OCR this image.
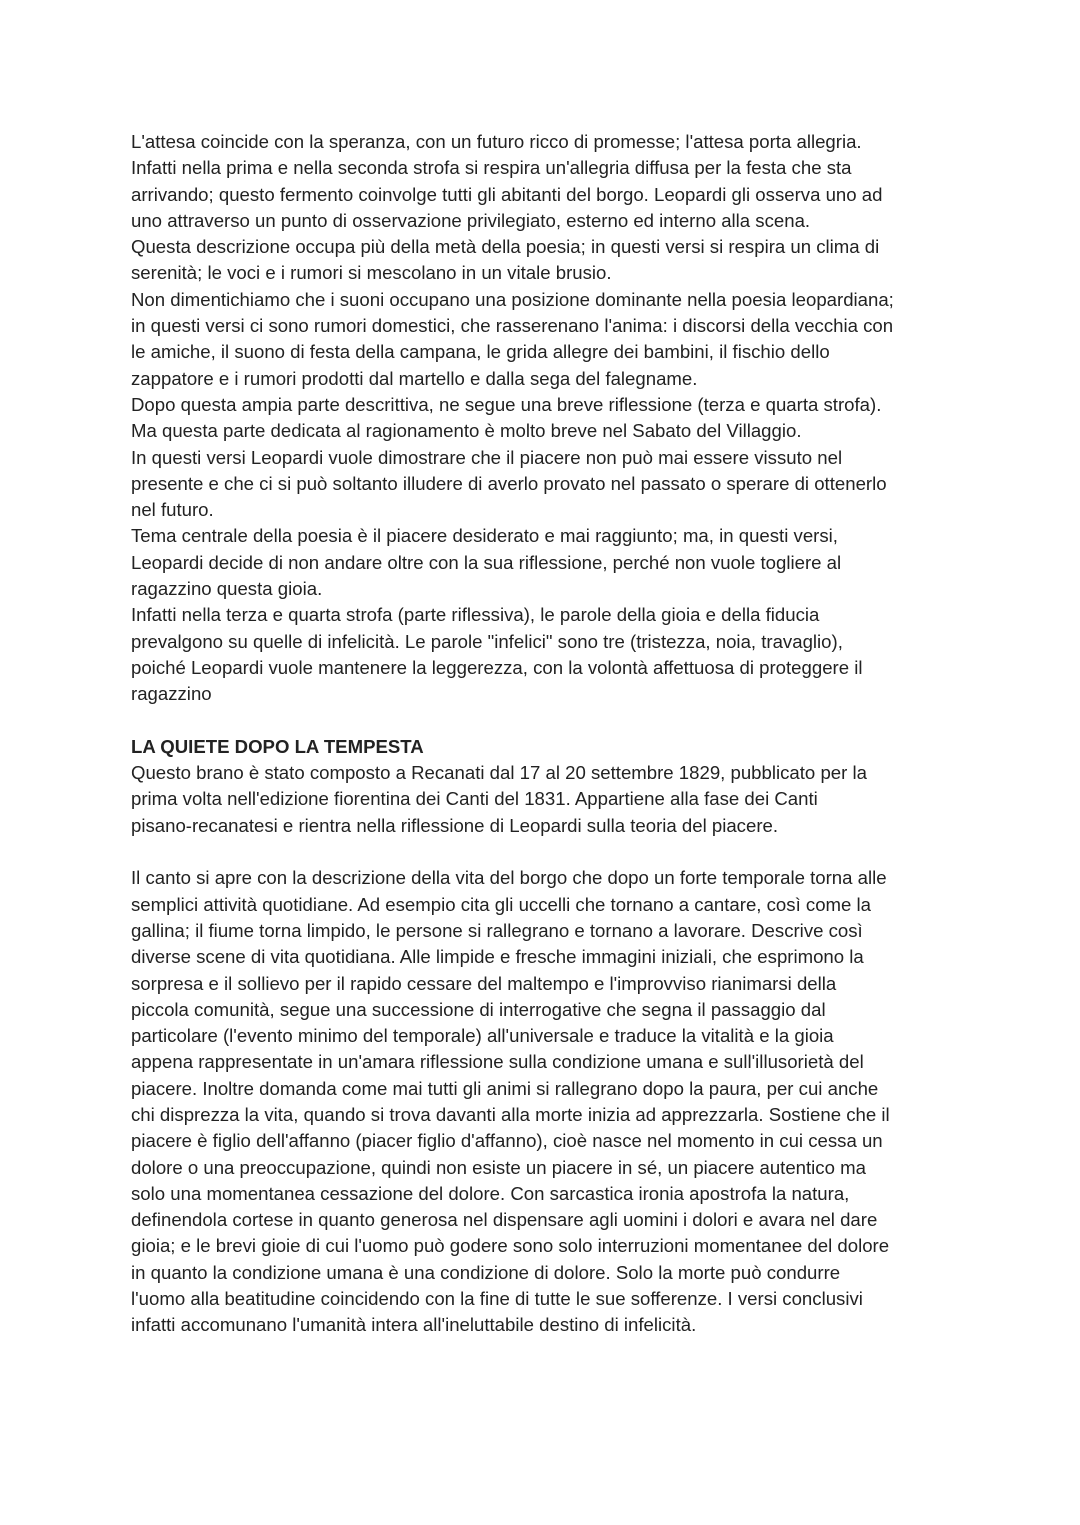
L'attesa coincide con la speranza, con un futuro ricco di promesse; l'attesa porta allegria.
Infatti nella prima e nella seconda strofa si respira un'allegria diffusa per la festa che sta
arrivando; questo fermento coinvolge tutti gli abitanti del borgo. Leopardi gli osserva uno ad
uno attraverso un punto di osservazione privilegiato, esterno ed interno alla scena.
Questa descrizione occupa più della metà della poesia; in questi versi si respira un clima di
serenità; le voci e i rumori si mescolano in un vitale brusio.
Non dimentichiamo che i suoni occupano una posizione dominante nella poesia leopardiana;
in questi versi ci sono rumori domestici, che rasserenano l'anima: i discorsi della vecchia con
le amiche, il suono di festa della campana, le grida allegre dei bambini, il fischio dello
zappatore e i rumori prodotti dal martello e dalla sega del falegname.
Dopo questa ampia parte descrittiva, ne segue una breve riflessione (terza e quarta strofa).
Ma questa parte dedicata al ragionamento è molto breve nel Sabato del Villaggio.
In questi versi Leopardi vuole dimostrare che il piacere non può mai essere vissuto nel
presente e che ci si può soltanto illudere di averlo provato nel passato o sperare di ottenerlo
nel futuro.
Tema centrale della poesia è il piacere desiderato e mai raggiunto; ma, in questi versi,
Leopardi decide di non andare oltre con la sua riflessione, perché non vuole togliere al
ragazzino questa gioia.
Infatti nella terza e quarta strofa (parte riflessiva), le parole della gioia e della fiducia
prevalgono su quelle di infelicità. Le parole "infelici" sono tre (tristezza, noia, travaglio),
poiché Leopardi vuole mantenere la leggerezza, con la volontà affettuosa di proteggere il
ragazzino
LA QUIETE DOPO LA TEMPESTA
Questo brano è stato composto a Recanati dal 17 al 20 settembre 1829, pubblicato per la
prima volta nell'edizione fiorentina dei Canti del 1831. Appartiene alla fase dei Canti
pisano-recanatesi e rientra nella riflessione di Leopardi sulla teoria del piacere.
Il canto si apre con la descrizione della vita del borgo che dopo un forte temporale torna alle
semplici attività quotidiane. Ad esempio cita gli uccelli che tornano a cantare, così come la
gallina; il fiume torna limpido, le persone si rallegrano e tornano a lavorare. Descrive così
diverse scene di vita quotidiana. Alle limpide e fresche immagini iniziali, che esprimono la
sorpresa e il sollievo per il rapido cessare del maltempo e l'improvviso rianimarsi della
piccola comunità, segue una successione di interrogative che segna il passaggio dal
particolare (l'evento minimo del temporale) all'universale e traduce la vitalità e la gioia
appena rappresentate in un'amara riflessione sulla condizione umana e sull'illusorietà del
piacere. Inoltre domanda come mai tutti gli animi si rallegrano dopo la paura, per cui anche
chi disprezza la vita, quando si trova davanti alla morte inizia ad apprezzarla. Sostiene che il
piacere è figlio dell'affanno (piacer figlio d'affanno), cioè nasce nel momento in cui cessa un
dolore o una preoccupazione, quindi non esiste un piacere in sé, un piacere autentico ma
solo una momentanea cessazione del dolore. Con sarcastica ironia apostrofa la natura,
definendola cortese in quanto generosa nel dispensare agli uomini i dolori e avara nel dare
gioia; e le brevi gioie di cui l'uomo può godere sono solo interruzioni momentanee del dolore
in quanto la condizione umana è una condizione di dolore. Solo la morte può condurre
l'uomo alla beatitudine coincidendo con la fine di tutte le sue sofferenze. I versi conclusivi
infatti accomunano l'umanità intera all'ineluttabile destino di infelicità.
